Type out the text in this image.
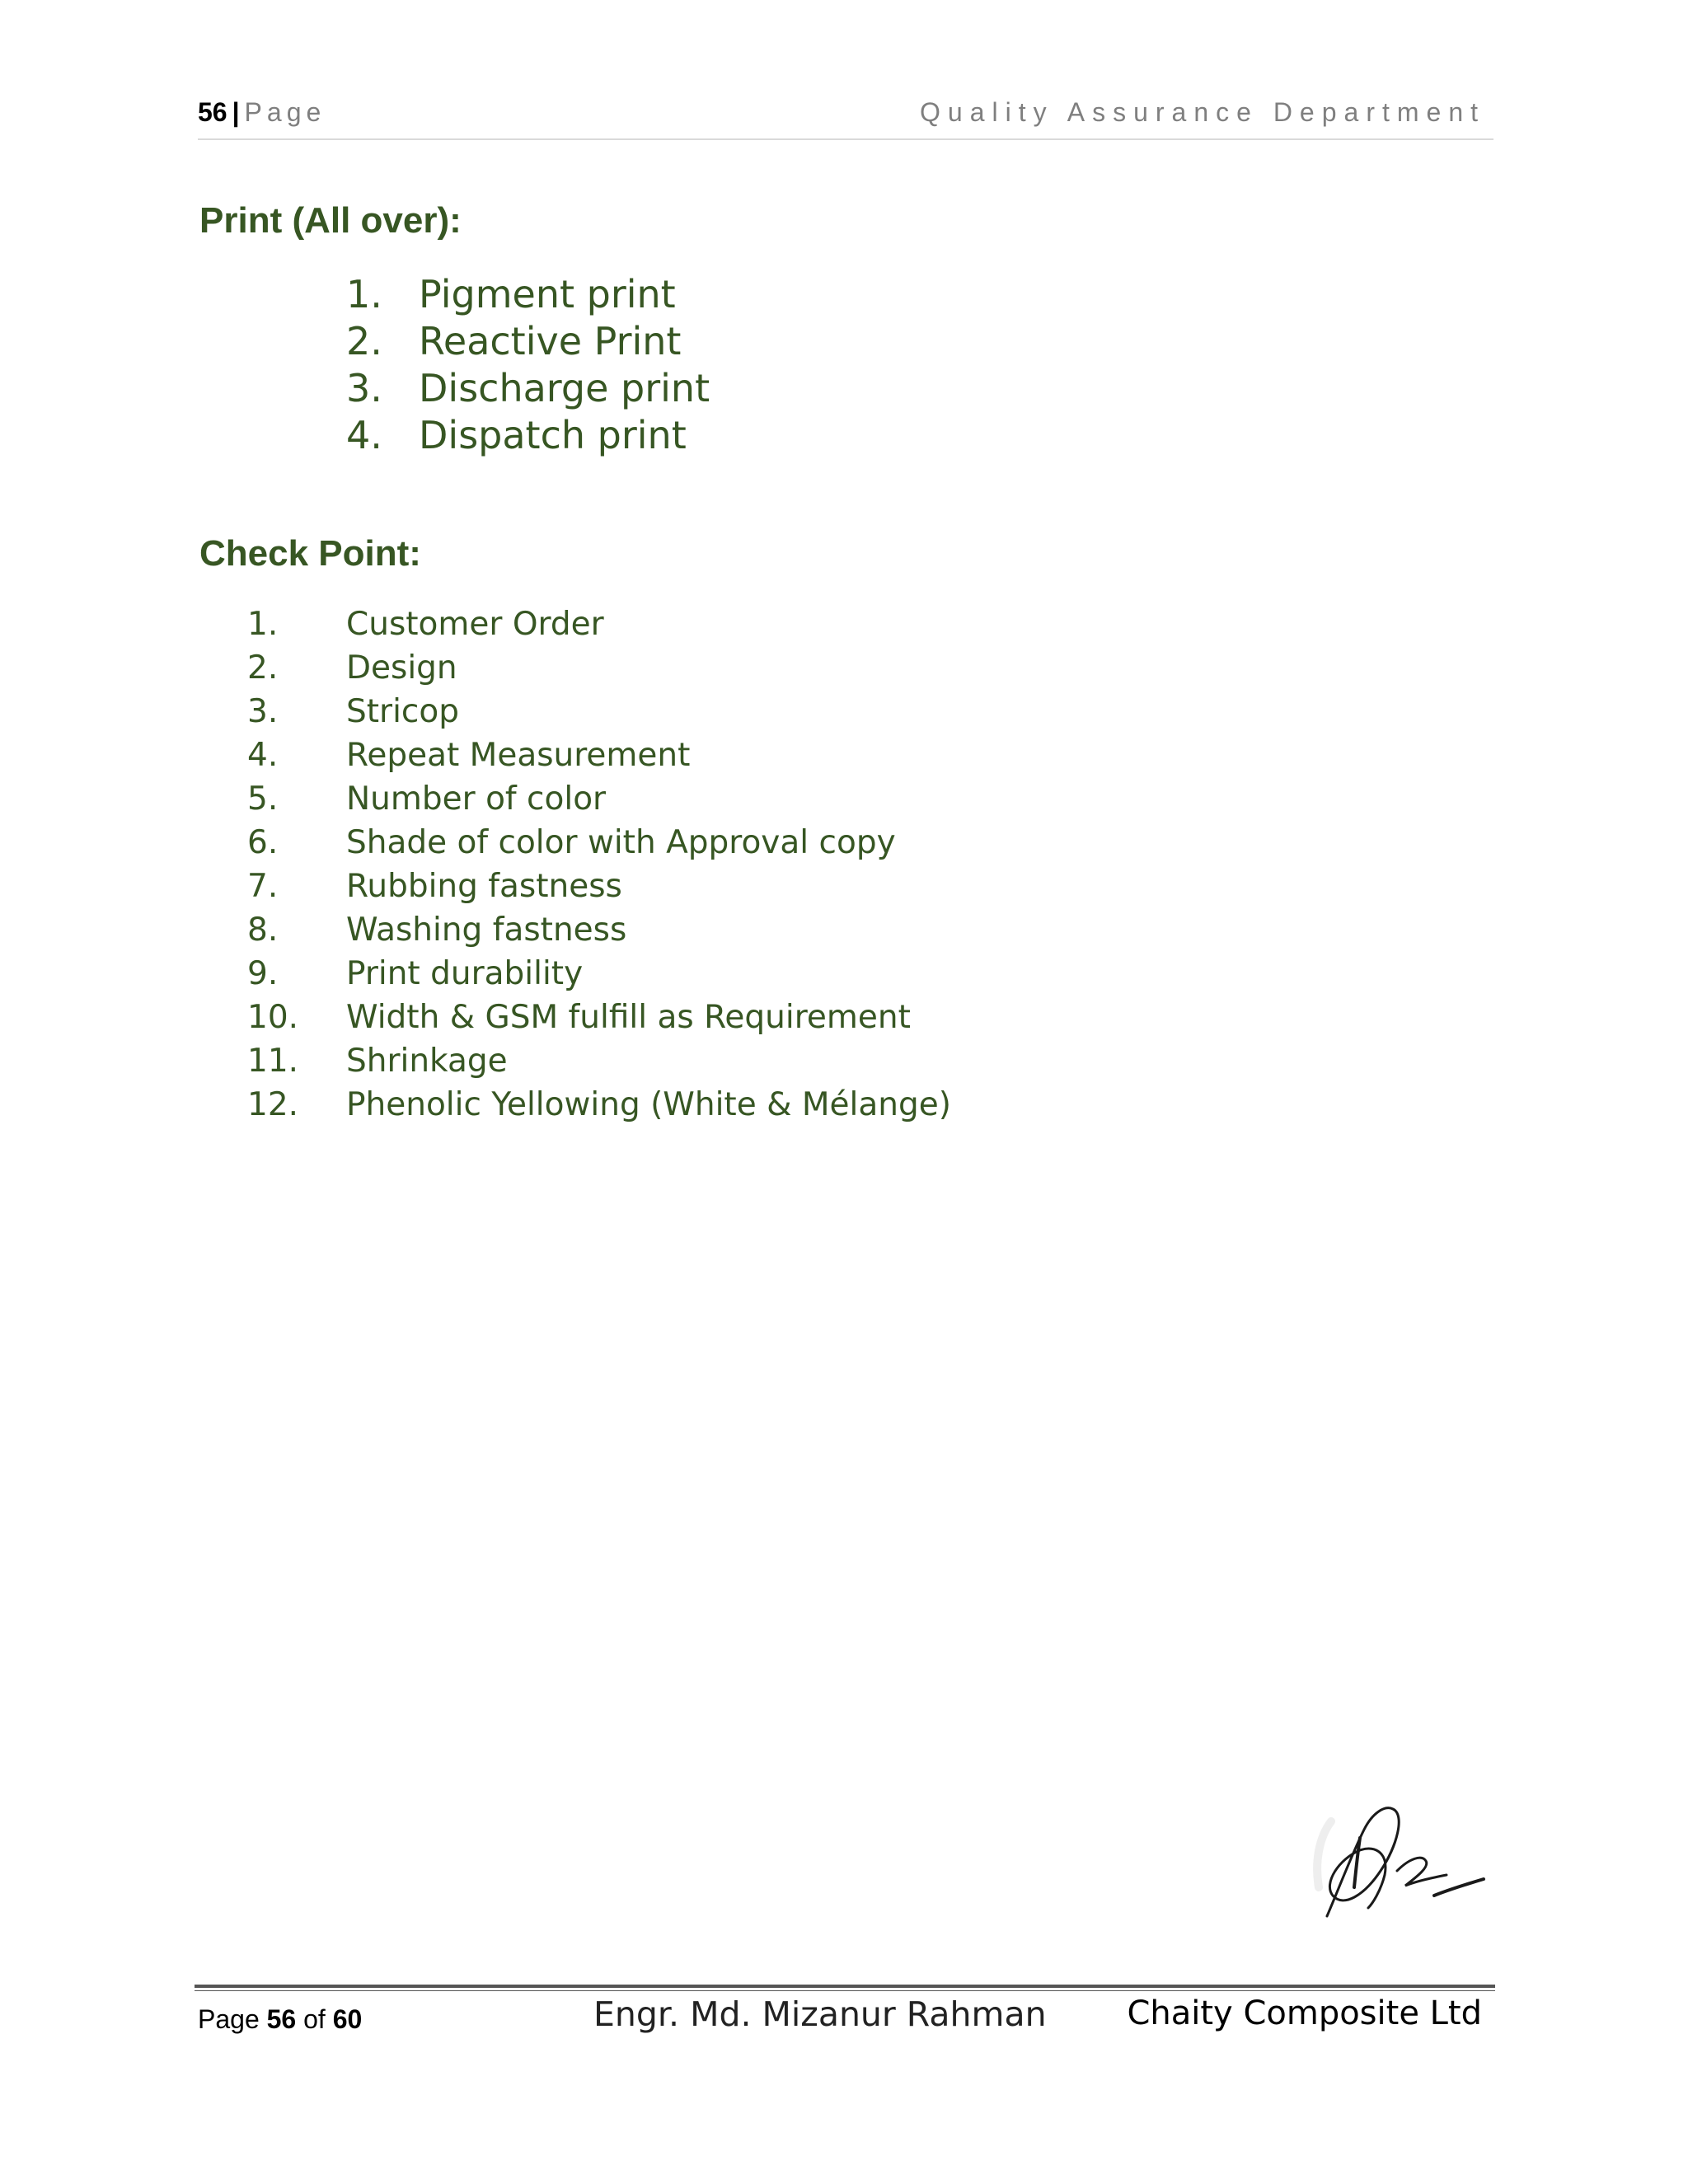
56 | Page	Quality Assurance Department
Print (All over):
1. Pigment print
2. Reactive Print
3. Discharge print
4. Dispatch print
Check Point:
1. Customer Order
2. Design
3. Stricop
4. Repeat Measurement
5. Number of color
6. Shade of color with Approval copy
7. Rubbing fastness
8. Washing fastness
9. Print durability
10. Width & GSM fulfill as Requirement
11. Shrinkage
12. Phenolic Yellowing (White & Mélange)
Page 56 of 60	Engr. Md. Mizanur Rahman Chaity Composite Ltd
